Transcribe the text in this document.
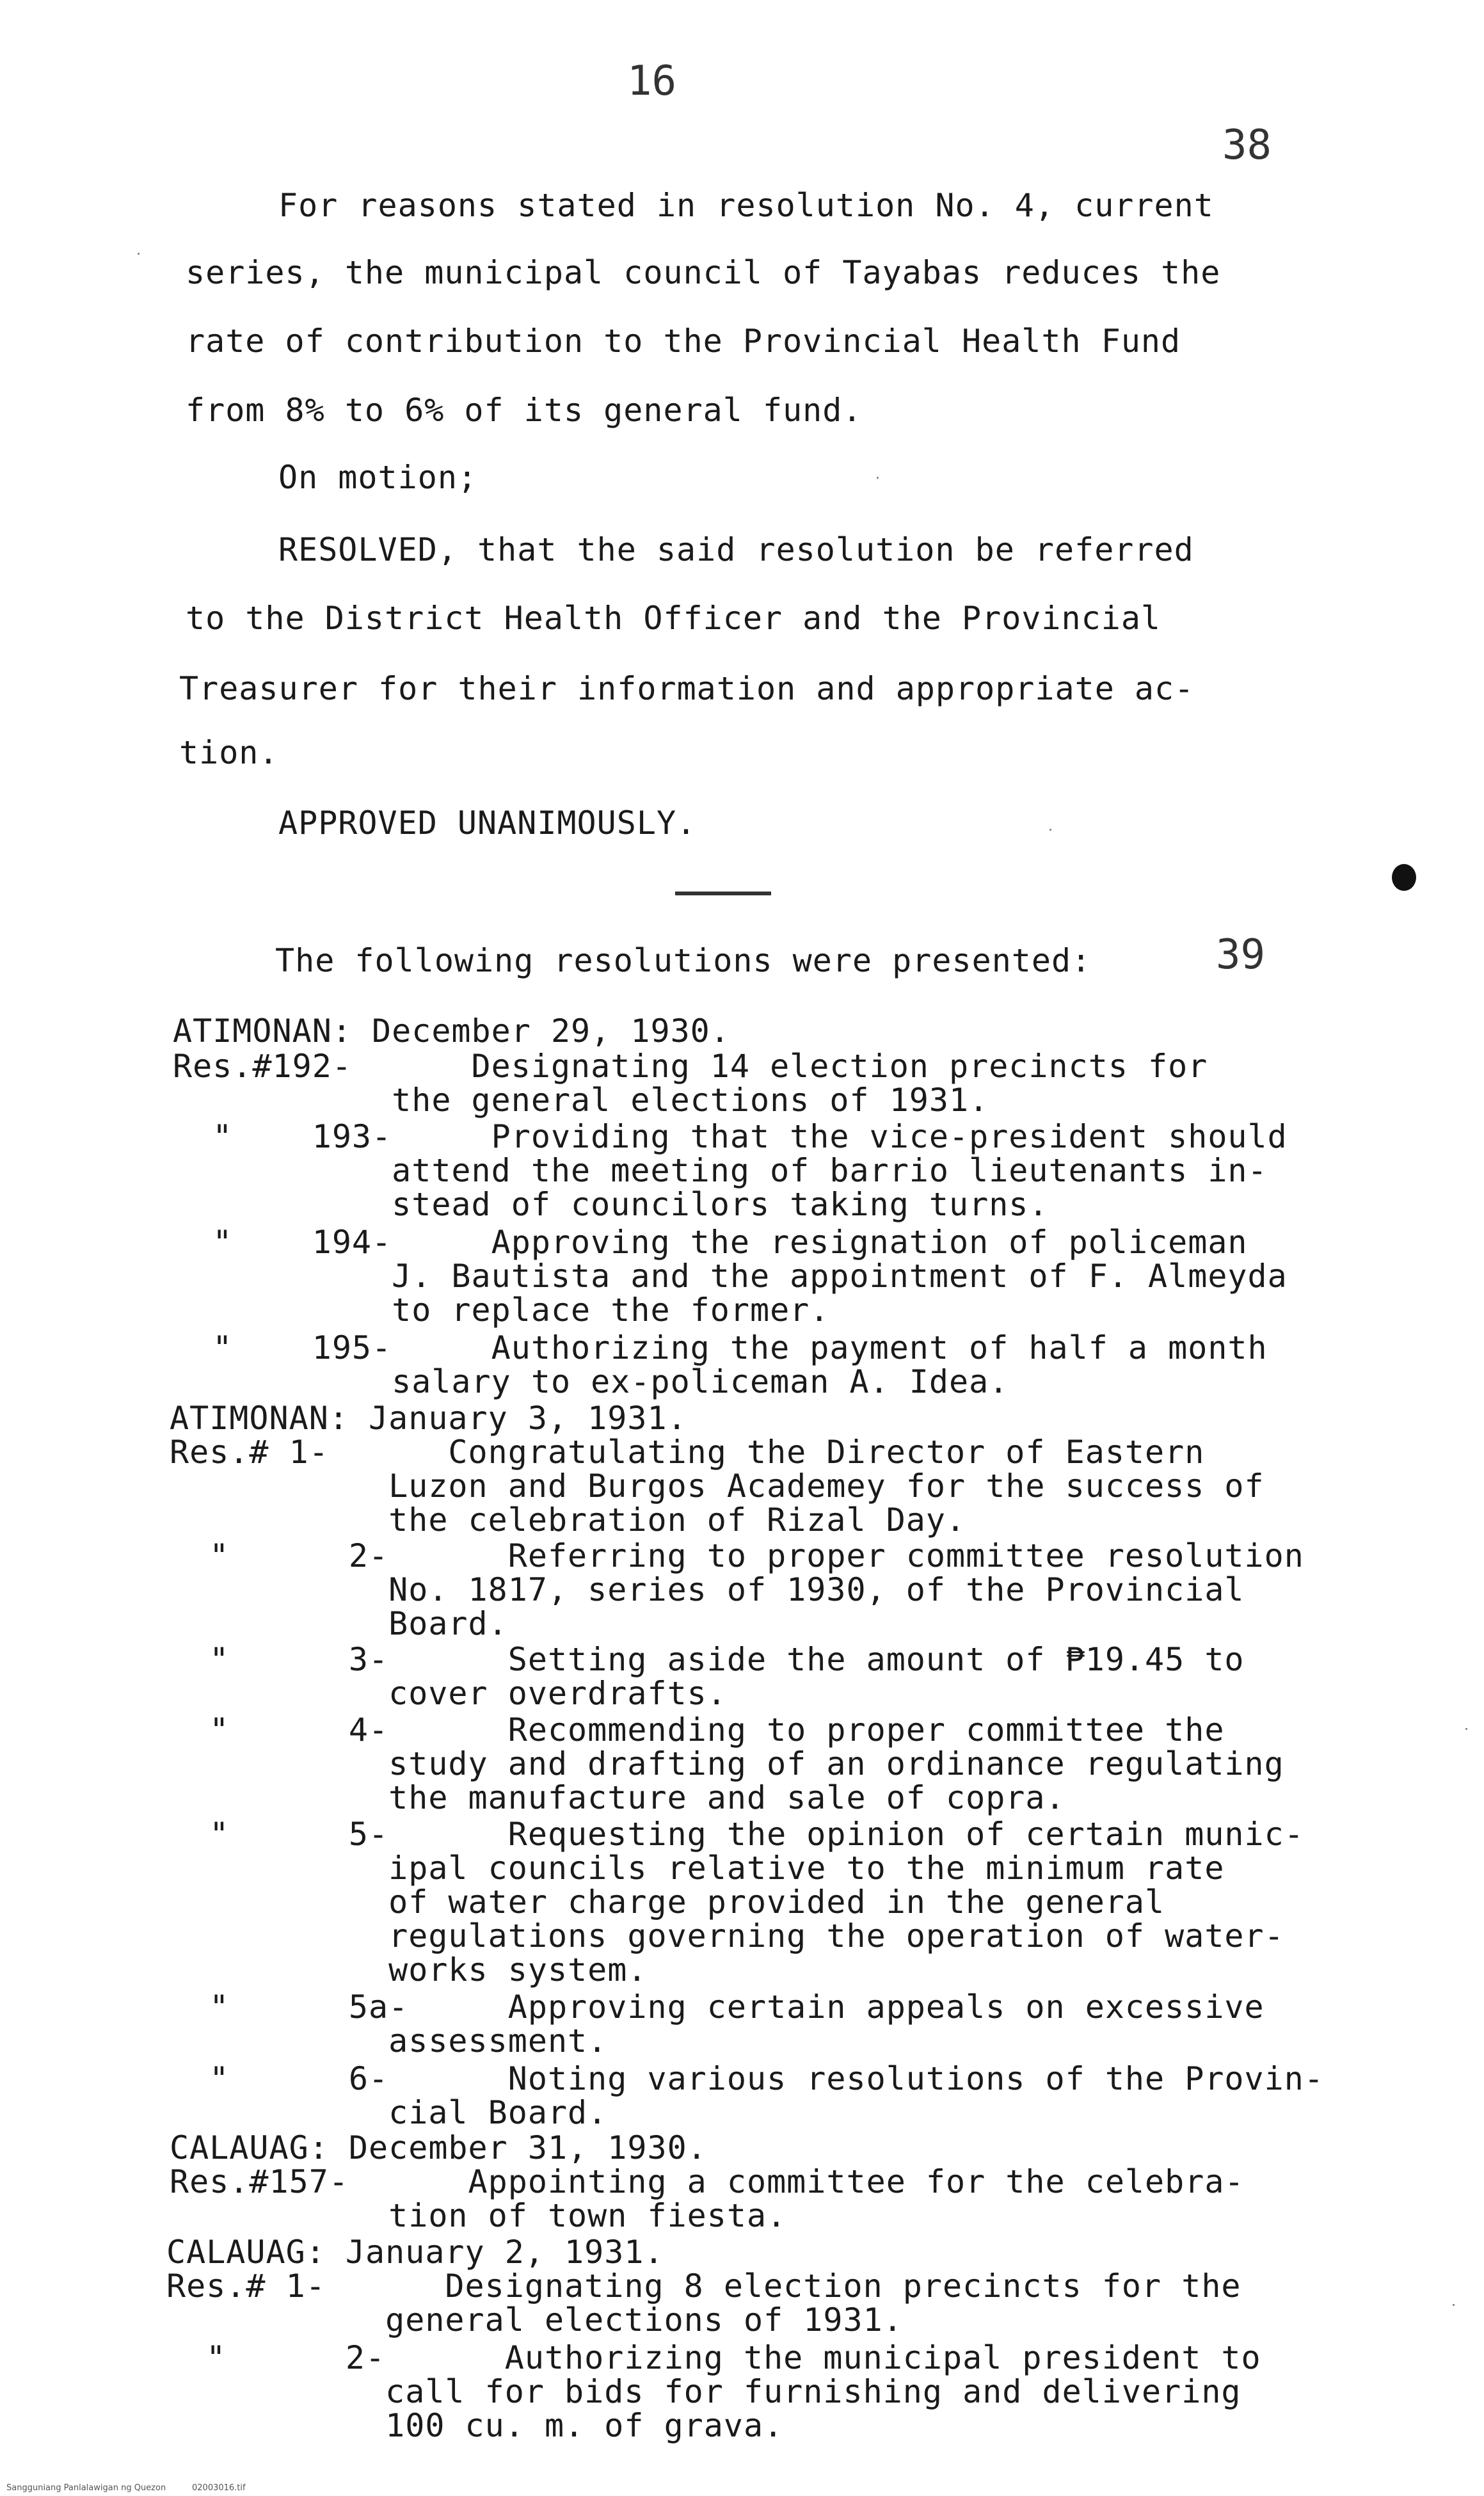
16
38
For reasons stated in resolution No. 4, current
series, the municipal council of Tayabas reduces the
rate of contribution to the Provincial Health Fund
from 8% to 6% of its general fund.
On motion;
RESOLVED, that the said resolution be referred
to the District Health Officer and the Provincial
Treasurer for their information and appropriate ac-
tion.
APPROVED UNANIMOUSLY.
The following resolutions were presented:	39
ATIMONAN: December 29, 1930.
Res.#192-      Designating 14 election precincts for
the general elections of 1931.
"    193-     Providing that the vice-president should
attend the meeting of barrio lieutenants in-
stead of councilors taking turns.
"    194-     Approving the resignation of policeman
J. Bautista and the appointment of F. Almeyda
to replace the former.
"    195-     Authorizing the payment of half a month
salary to ex-policeman A. Idea.
ATIMONAN: January 3, 1931.
Res.# 1-      Congratulating the Director of Eastern
Luzon and Burgos Academey for the success of
the celebration of Rizal Day.
"      2-      Referring to proper committee resolution
No. 1817, series of 1930, of the Provincial
Board.
"      3-      Setting aside the amount of ₱19.45 to
cover overdrafts.
"      4-      Recommending to proper committee the
study and drafting of an ordinance regulating
the manufacture and sale of copra.
"      5-      Requesting the opinion of certain munic-
ipal councils relative to the minimum rate
of water charge provided in the general
regulations governing the operation of water-
works system.
"      5a-     Approving certain appeals on excessive
assessment.
"      6-      Noting various resolutions of the Provin-
cial Board.
CALAUAG: December 31, 1930.
Res.#157-      Appointing a committee for the celebra-
tion of town fiesta.
CALAUAG: January 2, 1931.
Res.# 1-      Designating 8 election precincts for the
general elections of 1931.
"      2-      Authorizing the municipal president to
call for bids for furnishing and delivering
100 cu. m. of grava.
Sangguniang Panlalawigan ng Quezon	02003016.tif
